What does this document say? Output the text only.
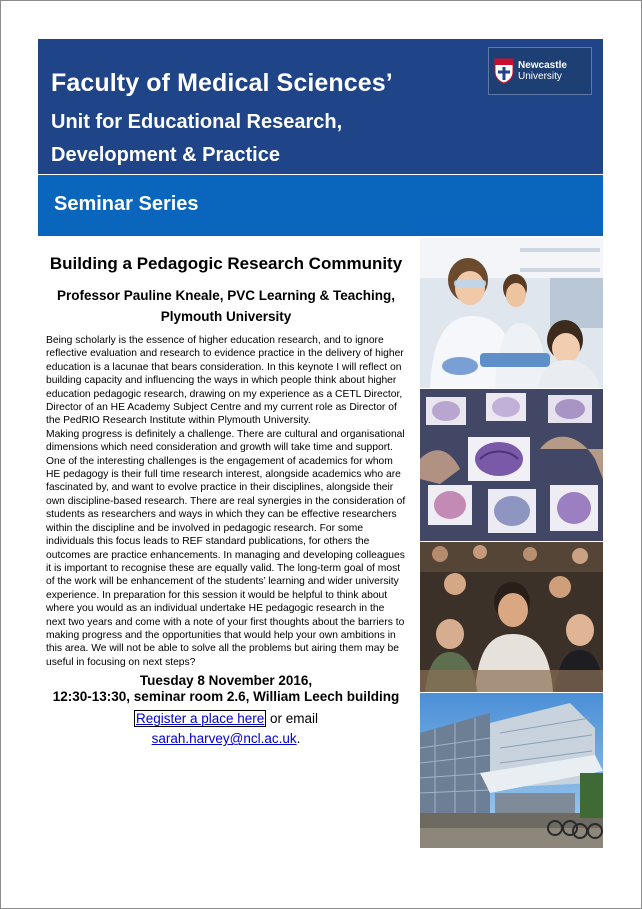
Faculty of Medical Sciences’
Unit for Educational Research,
Development & Practice
Newcastle
University
Seminar Series
Building a Pedagogic Research Community
Professor Pauline Kneale, PVC Learning & Teaching, Plymouth University

Being scholarly is the essence of higher education research, and to ignore reflective evaluation and research to evidence practice in the delivery of higher education is a lacunae that bears consideration. In this keynote I will reflect on building capacity and influencing the ways in which people think about higher education pedagogic research, drawing on my experience as a CETL Director, Director of an HE Academy Subject Centre and my current role as Director of the PedRIO Research Institute within Plymouth University.

Making progress is definitely a challenge. There are cultural and organisational dimensions which need consideration and growth will take time and support. One of the interesting challenges is the engagement of academics for whom HE pedagogy is their full time research interest, alongside academics who are fascinated by, and want to evolve practice in their disciplines, alongside their own discipline-based research. There are real synergies in the consideration of students as researchers and ways in which they can be effective researchers within the discipline and be involved in pedagogic research. For some individuals this focus leads to REF standard publications, for others the outcomes are practice enhancements. In managing and developing colleagues it is important to recognise these are equally valid. The long-term goal of most of the work will be enhancement of the students’ learning and wider university experience. In preparation for this session it would be helpful to think about where you would as an individual undertake HE pedagogic research in the next two years and come with a note of your first thoughts about the barriers to making progress and the opportunities that would help your own ambitions in this area. We will not be able to solve all the problems but airing them may be useful in focusing on next steps?

Tuesday 8 November 2016,

12:30-13:30, seminar room 2.6, William Leech building

Register a place here or email
sarah.harvey@ncl.ac.uk.
